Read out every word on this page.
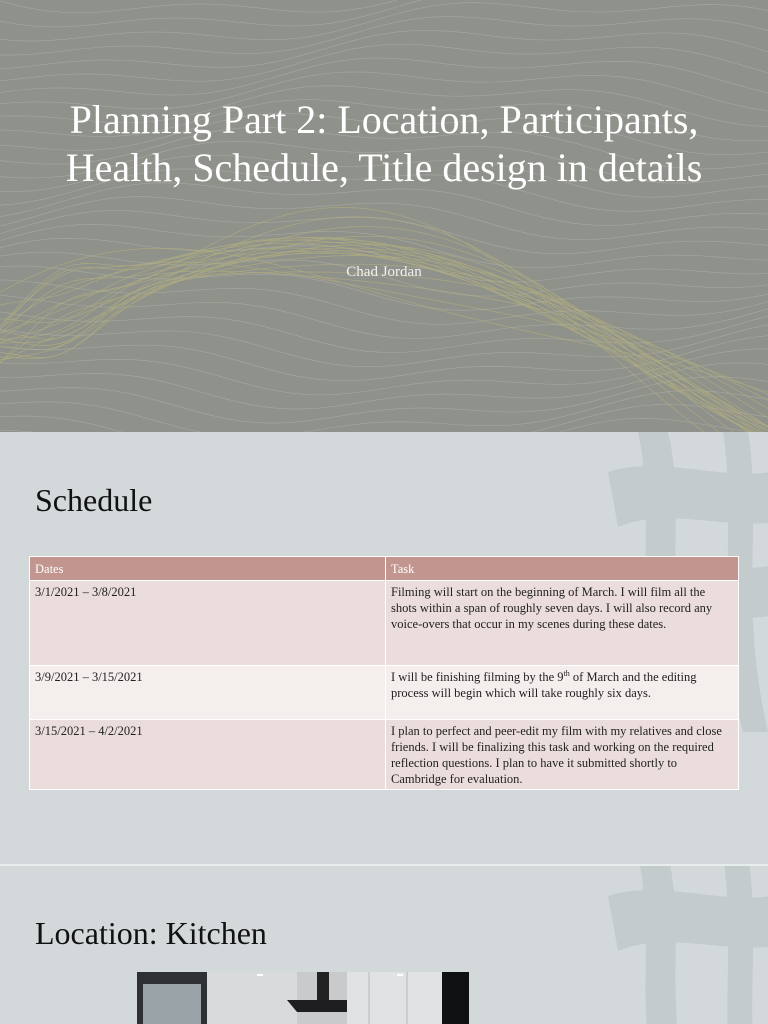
Planning Part 2: Location, Participants, Health, Schedule, Title design in details
Chad Jordan
Schedule
Dates	Task
3/1/2021 – 3/8/2021	Filming will start on the beginning of March. I will film all the shots within a span of roughly seven days. I will also record any voice-overs that occur in my scenes during these dates.
3/9/2021 – 3/15/2021	I will be finishing filming by the 9th of March and the editing process will begin which will take roughly six days.
3/15/2021 – 4/2/2021	I plan to perfect and peer-edit my film with my relatives and close friends. I will be finalizing this task and working on the required reflection questions. I plan to have it submitted shortly to Cambridge for evaluation.
Location: Kitchen
